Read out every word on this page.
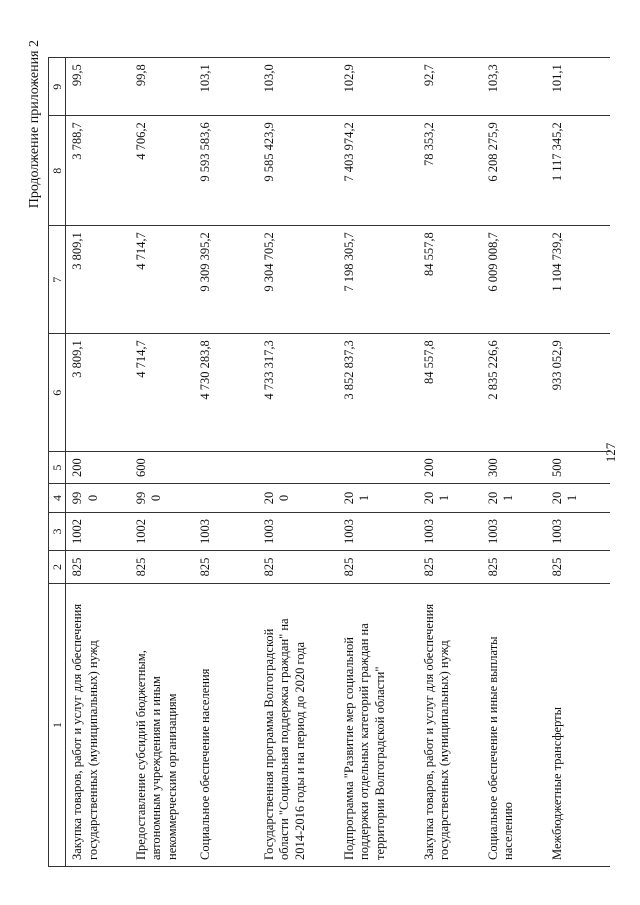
127
Продолжение приложения 2
1	2	3	4	5	6	7	8	9
Закупка товаров, работ и услуг для обеспечения государственных (муниципальных) нужд	825	1002	99 0	200	3 809,1	3 809,1	3 788,7	99,5
Предоставление субсидий бюджетным, автономным учреждениям и иным некоммерческим организациям	825	1002	99 0	600	4 714,7	4 714,7	4 706,2	99,8
Социальное обеспечение населения	825	1003			4 730 283,8	9 309 395,2	9 593 583,6	103,1
Государственная программа Волгоградской области "Социальная поддержка граждан" на 2014-2016 годы и на период до 2020 года	825	1003	20 0		4 733 317,3	9 304 705,2	9 585 423,9	103,0
Подпрограмма "Развитие мер социальной поддержки отдельных категорий граждан на территории Волгоградской области"	825	1003	20 1		3 852 837,3	7 198 305,7	7 403 974,2	102,9
Закупка товаров, работ и услуг для обеспечения государственных (муниципальных) нужд	825	1003	20 1	200	84 557,8	84 557,8	78 353,2	92,7
Социальное обеспечение и иные выплаты населению	825	1003	20 1	300	2 835 226,6	6 009 008,7	6 208 275,9	103,3
Межбюджетные трансферты	825	1003	20 1	500	933 052,9	1 104 739,2	1 117 345,2	101,1
